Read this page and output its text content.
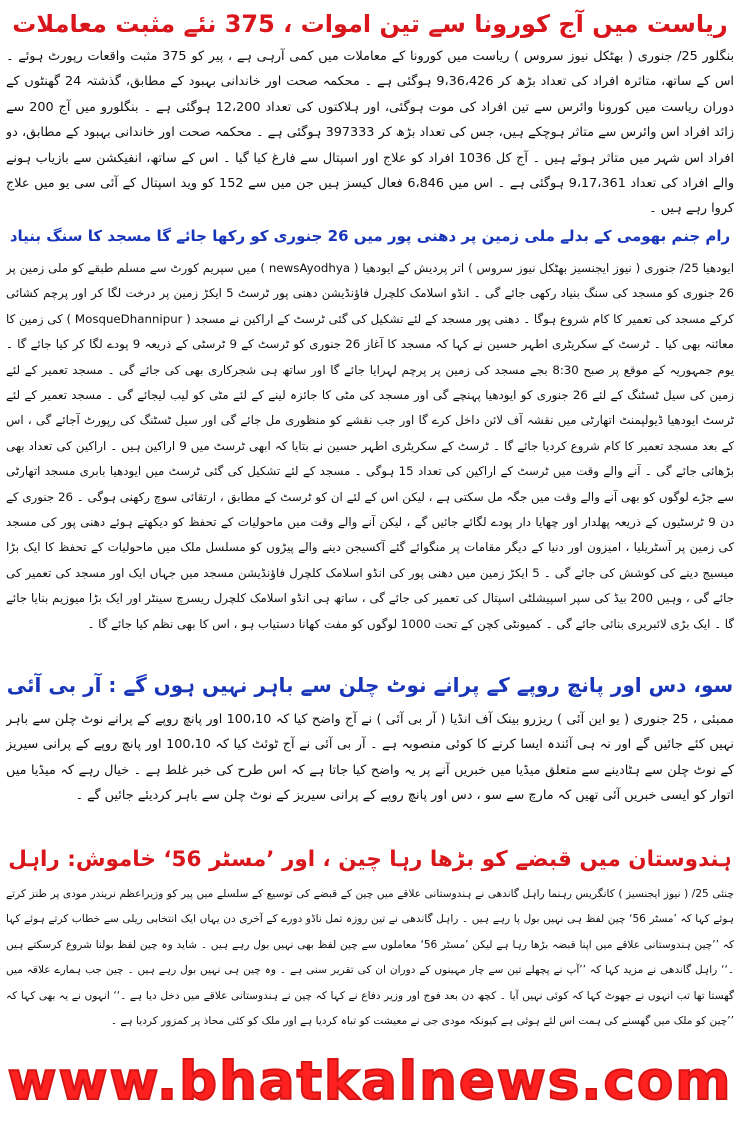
ریاست میں آج کورونا سے تین اموات ، 375 نئے مثبت معاملات

بنگلور 25/ جنوری ( بھٹکل نیوز سروس ) ریاست میں کورونا کے معاملات میں کمی آرہی ہے ، پیر کو 375 مثبت واقعات رپورٹ ہوئے ۔ اس کے ساتھ، متاثرہ افراد کی تعداد بڑھ کر 9،36،426 ہوگئی ہے ۔ محکمہ صحت اور خاندانی بہبود کے مطابق، گذشتہ 24 گھنٹوں کے دوران ریاست میں کورونا وائرس سے تین افراد کی موت ہوگئی، اور ہلاکتوں کی تعداد 12،200 ہوگئی ہے ۔ بنگلورو میں آج 200 سے زائد افراد اس وائرس سے متاثر ہوچکے ہیں، جس کی تعداد بڑھ کر 397333 ہوگئی ہے ۔ محکمہ صحت اور خاندانی بہبود کے مطابق، دو افراد اس شہر میں متاثر ہوئے ہیں ۔ آج کل 1036 افراد کو علاج اور اسپتال سے فارغ کیا گیا ۔ اس کے ساتھ، انفیکشن سے بازیاب ہونے والے افراد کی تعداد 9،17،361 ہوگئی ہے ۔ اس میں 6،846 فعال کیسز ہیں جن میں سے 152 کو وید اسپتال کے آئی سی یو میں علاج کروا رہے ہیں ۔

رام جنم بھومی کے بدلے ملی زمین پر دھنی پور میں 26 جنوری کو رکھا جائے گا مسجد کا سنگ بنیاد

ایودھیا 25/ جنوری ( نیوز ایجنسیز بھٹکل نیوز سروس ) اتر پردیش کے ایودھیا ( newsAyodhya ) میں سپریم کورٹ سے مسلم طبقے کو ملی زمین پر 26 جنوری کو مسجد کی سنگ بنیاد رکھی جائے گی ۔ انڈو اسلامک کلچرل فاؤنڈیشن دھنی پور ٹرسٹ 5 ایکڑ زمین پر درخت لگا کر اور پرچم کشائی کرکے مسجد کی تعمیر کا کام شروع ہوگا ۔ دھنی پور مسجد کے لئے تشکیل کی گئی ٹرسٹ کے اراکین نے مسجد ( MosqueDhannipur ) کی زمین کا معائنہ بھی کیا ۔ ٹرسٹ کے سکریٹری اطہر حسین نے کہا کہ مسجد کا آغاز 26 جنوری کو ٹرسٹ کے 9 ٹرسٹی کے ذریعہ 9 پودے لگا کر کیا جائے گا ۔ یوم جمہوریہ کے موقع پر صبح 8:30 بجے مسجد کی زمین پر پرچم لہرایا جائے گا اور ساتھ ہی شجرکاری بھی کی جائے گی ۔ مسجد تعمیر کے لئے زمین کی سیل ٹسٹنگ کے لئے 26 جنوری کو ایودھیا پہنچے گی اور مسجد کی مٹی کا جائزہ لینے کے لئے مٹی کو لیب لیجائے گی ۔ مسجد تعمیر کے لئے ٹرسٹ ایودھیا ڈیولپمنٹ اتھارٹی میں نقشہ آف لائن داخل کرے گا اور جب نقشے کو منظوری مل جائے گی اور سیل ٹسٹنگ کی رپورٹ آجائے گی ، اس کے بعد مسجد تعمیر کا کام شروع کردیا جائے گا ۔ ٹرسٹ کے سکریٹری اطہر حسین نے بتایا کہ ابھی ٹرسٹ میں 9 اراکین ہیں ۔ اراکین کی تعداد بھی بڑھائی جائے گی ۔ آنے والے وقت میں ٹرسٹ کے اراکین کی تعداد 15 ہوگی ۔ مسجد کے لئے تشکیل کی گئی ٹرسٹ میں ایودھیا بابری مسجد اتھارٹی سے جڑے لوگوں کو بھی آنے والے وقت میں جگہ مل سکتی ہے ، لیکن اس کے لئے ان کو ٹرسٹ کے مطابق ، ارتقائی سوچ رکھنی ہوگی ۔ 26 جنوری کے دن 9 ٹرسٹیوں کے ذریعہ پھلدار اور چھایا دار پودے لگائے جائیں گے ، لیکن آنے والے وقت میں ماحولیات کے تحفظ کو دیکھتے ہوئے دھنی پور کی مسجد کی زمین پر آسٹریلیا ، امیزون اور دنیا کے دیگر مقامات پر منگوائے گئے آکسیجن دینے والے پیڑوں کو مسلسل ملک میں ماحولیات کے تحفظ کا ایک بڑا میسیج دینے کی کوشش کی جائے گی ۔ 5 ایکڑ زمین میں دھنی پور کی انڈو اسلامک کلچرل فاؤنڈیشن مسجد میں جہاں ایک اور مسجد کی تعمیر کی جائے گی ، وہیں 200 بیڈ کی سپر اسپیشلٹی اسپتال کی تعمیر کی جائے گی ، ساتھ ہی انڈو اسلامک کلچرل ریسرچ سینٹر اور ایک بڑا میوزیم بنایا جائے گا ۔ ایک بڑی لائبریری بنائی جائے گی ۔ کمیونٹی کچن کے تحت 1000 لوگوں کو مفت کھانا دستیاب ہو ، اس کا بھی نظم کیا جائے گا ۔

سو، دس اور پانچ روپے کے پرانے نوٹ چلن سے باہر نہیں ہوں گے : آر بی آئی

ممبئی ، 25 جنوری ( یو این آئی ) ریزرو بینک آف انڈیا ( آر بی آئی ) نے آج واضح کیا کہ 100،10 اور پانچ روپے کے پرانے نوٹ چلن سے باہر نہیں کئے جائیں گے اور نہ ہی آئندہ ایسا کرنے کا کوئی منصوبہ ہے ۔ آر بی آئی نے آج ٹوئٹ کیا کہ 100،10 اور پانچ روپے کے پرانی سیریز کے نوٹ چلن سے ہٹادینے سے متعلق میڈیا میں خبریں آنے پر یہ واضح کیا جاتا ہے کہ اس طرح کی خبر غلط ہے ۔ خیال رہے کہ میڈیا میں اتوار کو ایسی خبریں آئی تھیں کہ مارچ سے سو ، دس اور پانچ روپے کے پرانی سیریز کے نوٹ چلن سے باہر کردیئے جائیں گے ۔

ہندوستان میں قبضے کو بڑھا رہا چین ، اور ’مسٹر 56‘ خاموش: راہل

چنئی 25/ ( نیوز ایجنسیز ) کانگریس رہنما راہل گاندھی نے ہندوستانی علاقے میں چین کے قبضے کی توسیع کے سلسلے میں پیر کو وزیراعظم نریندر مودی پر طنز کرتے ہوئے کہا کہ ’مسٹر 56‘ چین لفظ ہی نہیں بول پا رہے ہیں ۔ راہل گاندھی نے تین روزہ تمل ناڈو دورے کے آخری دن یہاں ایک انتخابی ریلی سے خطاب کرتے ہوئے کہا کہ ’’چین ہندوستانی علاقے میں اپنا قبضہ بڑھا رہا ہے لیکن ’مسٹر 56‘ معاملوں سے چین لفظ بھی نہیں بول رہے ہیں ۔ شاید وہ چین لفظ بولنا شروع کرسکتے ہیں ۔‘‘ راہل گاندھی نے مزید کہا کہ ’’آپ نے پچھلے تین سے چار مہینوں کے دوران ان کی تقریر سنی ہے ۔ وہ چین ہی نہیں بول رہے ہیں ۔ چین جب ہمارے علاقہ میں گھستا تھا تب انہوں نے جھوٹ کہا کہ کوئی نہیں آیا ۔ کچھ دن بعد فوج اور وزیر دفاع نے کہا کہ چین نے ہندوستانی علاقے میں دخل دیا ہے ۔‘‘ انہوں نے یہ بھی کہا کہ ’’چین کو ملک میں گھسنے کی ہمت اس لئے ہوئی ہے کیونکہ مودی جی نے معیشت کو تباہ کردیا ہے اور ملک کو کئی محاذ پر کمزور کردیا ہے ۔

www.bhatkalnews.com
